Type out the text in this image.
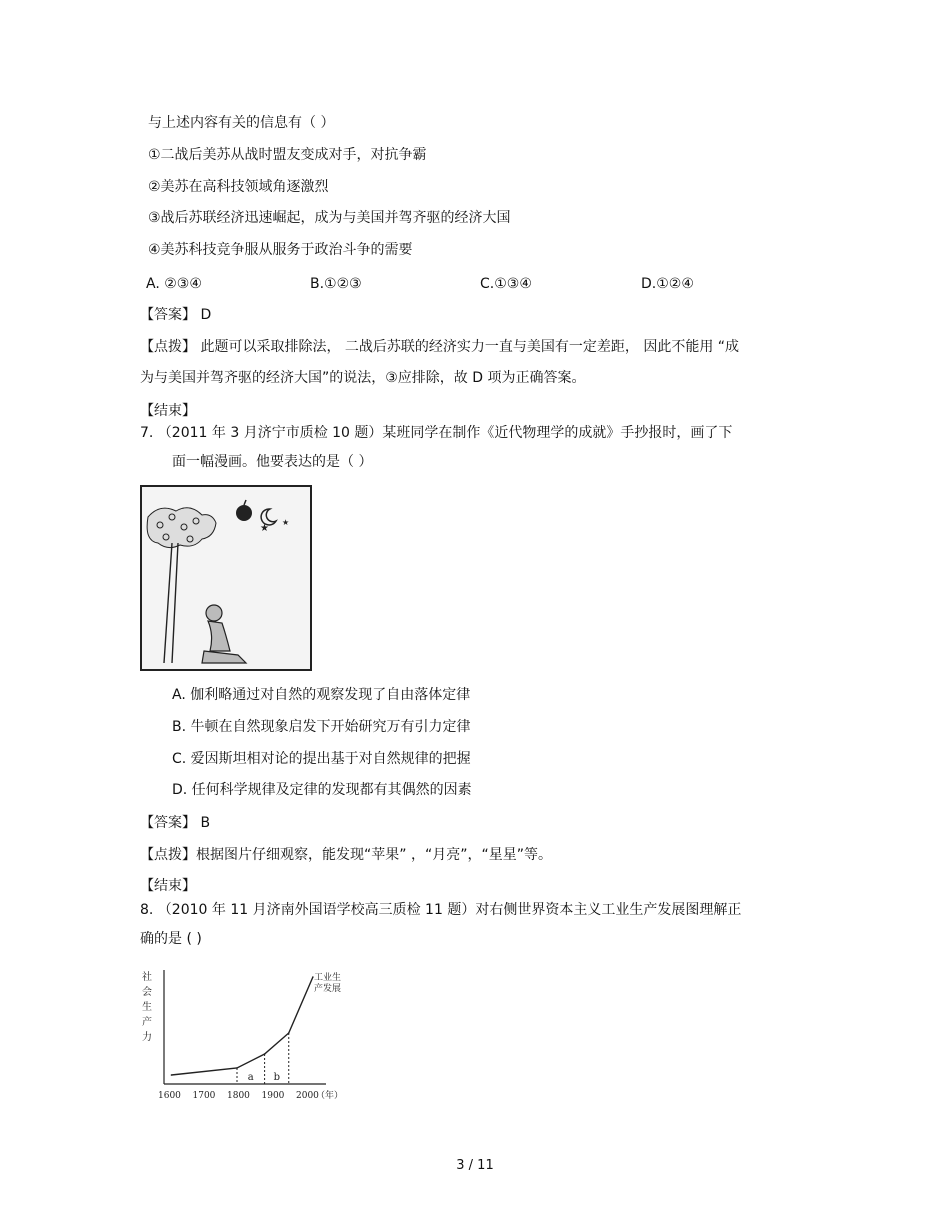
与上述内容有关的信息有（ ）
①二战后美苏从战时盟友变成对手，对抗争霸
②美苏在高科技领域角逐激烈
③战后苏联经济迅速崛起，成为与美国并驾齐驱的经济大国
④美苏科技竞争服从服务于政治斗争的需要
A. ②③④	B.①②③	C.①③④	D.①②④
【答案】 D
【点拨】 此题可以采取排除法， 二战后苏联的经济实力一直与美国有一定差距， 因此不能用 “成
为与美国并驾齐驱的经济大国”的说法，③应排除，故 D 项为正确答案。
【结束】
7. （2011 年 3 月济宁市质检 10 题）某班同学在制作《近代物理学的成就》手抄报时，画了下
面一幅漫画。他要表达的是（ ）
★
★
A. 伽利略通过对自然的观察发现了自由落体定律
B. 牛顿在自然现象启发下开始研究万有引力定律
C. 爱因斯坦相对论的提出基于对自然规律的把握
D. 任何科学规律及定律的发现都有其偶然的因素
【答案】 B
【点拨】根据图片仔细观察，能发现“苹果” ，“月亮”，“星星”等。
【结束】
8. （2010 年 11 月济南外国语学校高三质检 11 题）对右侧世界资本主义工业生产发展图理解正
确的是 ( )
社
会
生
产
力
1600 1700 1800 1900 2000
a b
工业生产发展
（年）
3 / 11
